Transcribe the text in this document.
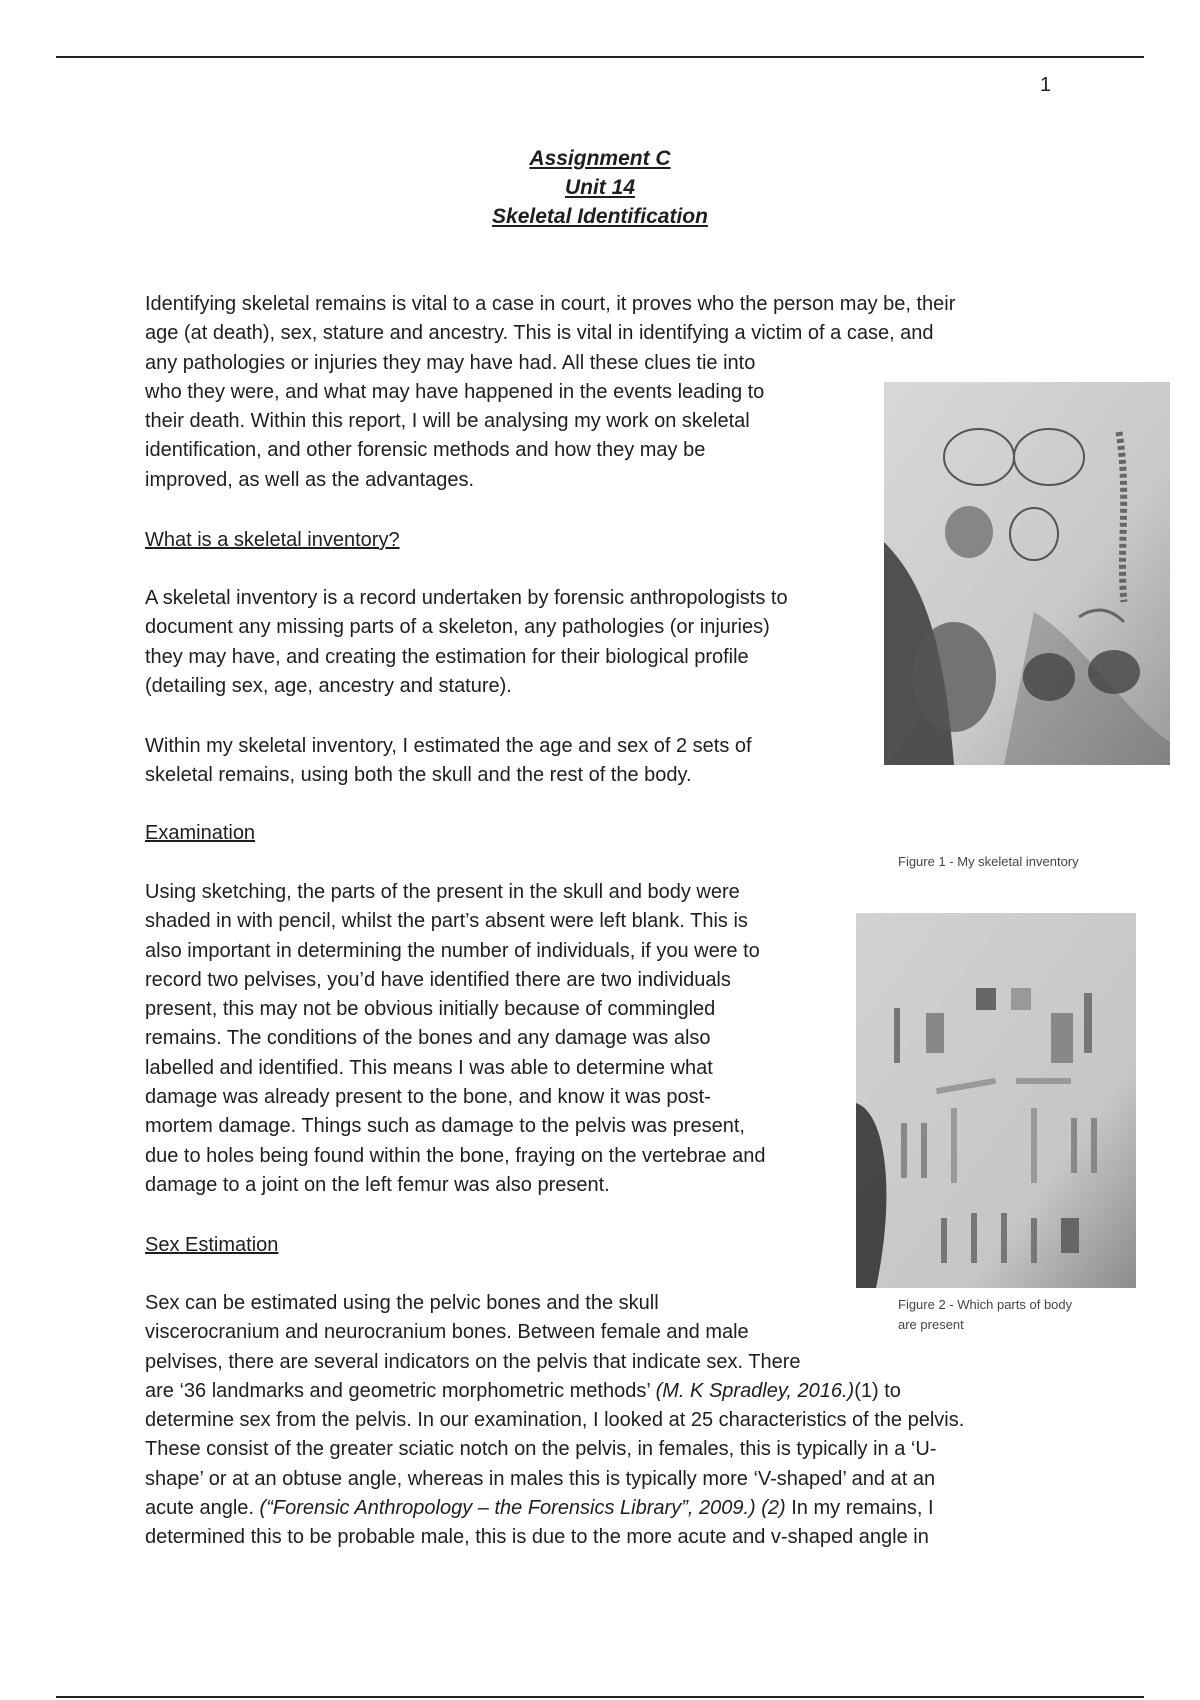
1
Assignment C
Unit 14
Skeletal Identification

Identifying skeletal remains is vital to a case in court, it proves who the person may be, their

age (at death), sex, stature and ancestry. This is vital in identifying a victim of a case, and

any pathologies or injuries they may have had. All these clues tie into

who they were, and what may have happened in the events leading to

their death. Within this report, I will be analysing my work on skeletal

identification, and other forensic methods and how they may be

improved, as well as the advantages.

What is a skeletal inventory?

A skeletal inventory is a record undertaken by forensic anthropologists to

document any missing parts of a skeleton, any pathologies (or injuries)

they may have, and creating the estimation for their biological profile

(detailing sex, age, ancestry and stature).

Within my skeletal inventory, I estimated the age and sex of 2 sets of

skeletal remains, using both the skull and the rest of the body.

Examination

Using sketching, the parts of the present in the skull and body were

shaded in with pencil, whilst the part’s absent were left blank. This is

also important in determining the number of individuals, if you were to

record two pelvises, you’d have identified there are two individuals

present, this may not be obvious initially because of commingled

remains. The conditions of the bones and any damage was also

labelled and identified. This means I was able to determine what

damage was already present to the bone, and know it was post-

mortem damage. Things such as damage to the pelvis was present,

due to holes being found within the bone, fraying on the vertebrae and

damage to a joint on the left femur was also present.

Sex Estimation

Sex can be estimated using the pelvic bones and the skull

viscerocranium and neurocranium bones. Between female and male

pelvises, there are several indicators on the pelvis that indicate sex. There

are ‘36 landmarks and geometric morphometric methods’ (M. K Spradley, 2016.)(1) to

determine sex from the pelvis. In our examination, I looked at 25 characteristics of the pelvis.

These consist of the greater sciatic notch on the pelvis, in females, this is typically in a ‘U-

shape’ or at an obtuse angle, whereas in males this is typically more ‘V-shaped’ and at an

acute angle. (“Forensic Anthropology – the Forensics Library”, 2009.) (2) In my remains, I

determined this to be probable male, this is due to the more acute and v-shaped angle in

Figure 1 - My skeletal inventory
Figure 2 - Which parts of body
are present
